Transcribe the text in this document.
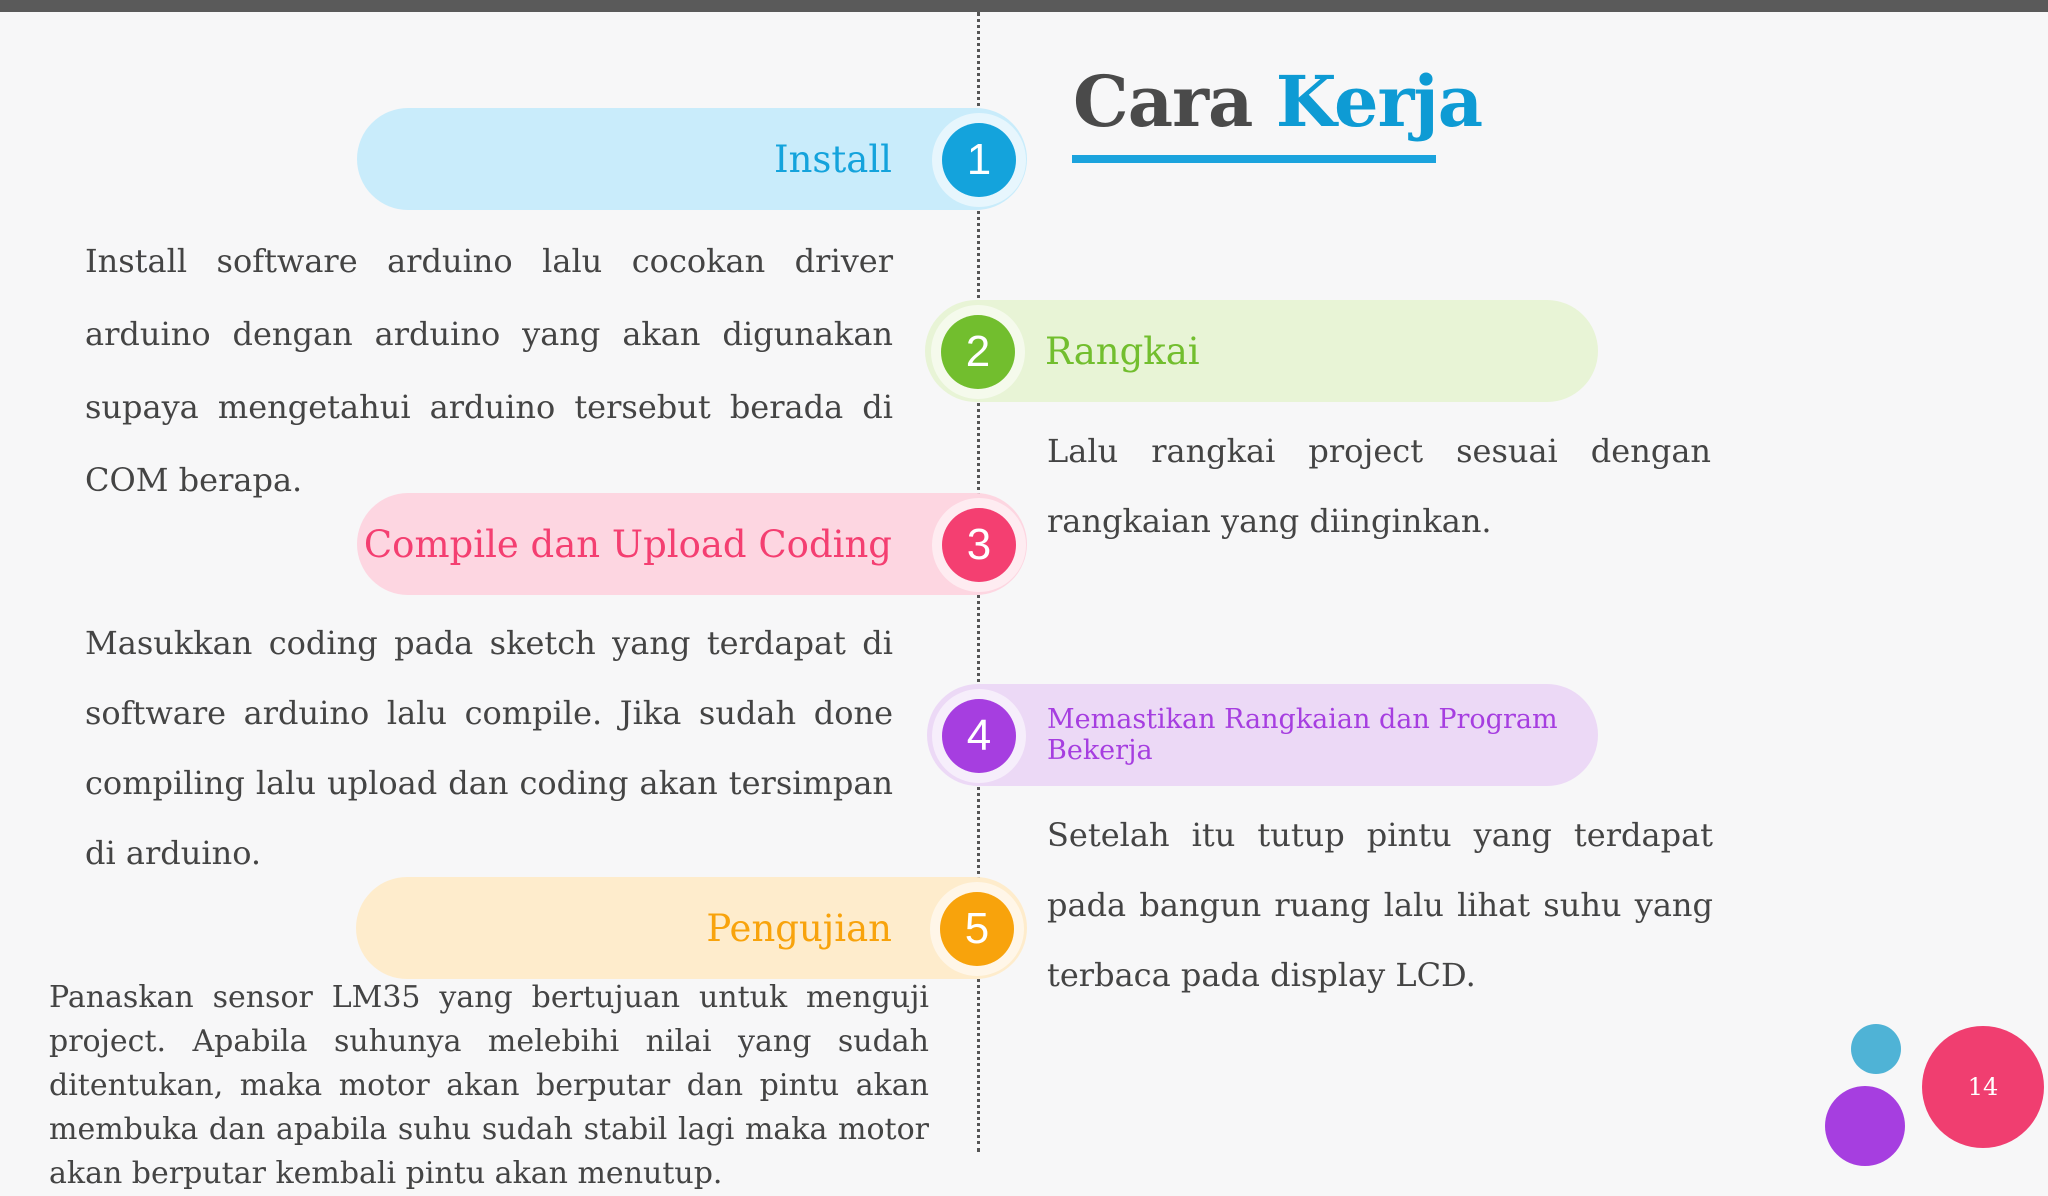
Cara Kerja
Install	1
Install software arduino lalu cocokan driver arduino dengan arduino yang akan digunakan supaya mengetahui arduino tersebut berada di COM berapa.
Rangkai
2
Lalu rangkai project sesuai dengan rangkaian yang diinginkan.
Compile dan Upload Coding	3
Masukkan coding pada sketch yang terdapat di software arduino lalu compile. Jika sudah done compiling lalu upload dan coding akan tersimpan di arduino.
Memastikan Rangkaian dan Program Bekerja
4
Setelah itu tutup pintu yang terdapat pada bangun ruang lalu lihat suhu yang terbaca pada display LCD.
Pengujian	5
Panaskan sensor LM35 yang bertujuan untuk menguji project. Apabila suhunya melebihi nilai yang sudah ditentukan, maka motor akan berputar dan pintu akan membuka dan apabila suhu sudah stabil lagi maka motor akan berputar kembali pintu akan menutup.
14
